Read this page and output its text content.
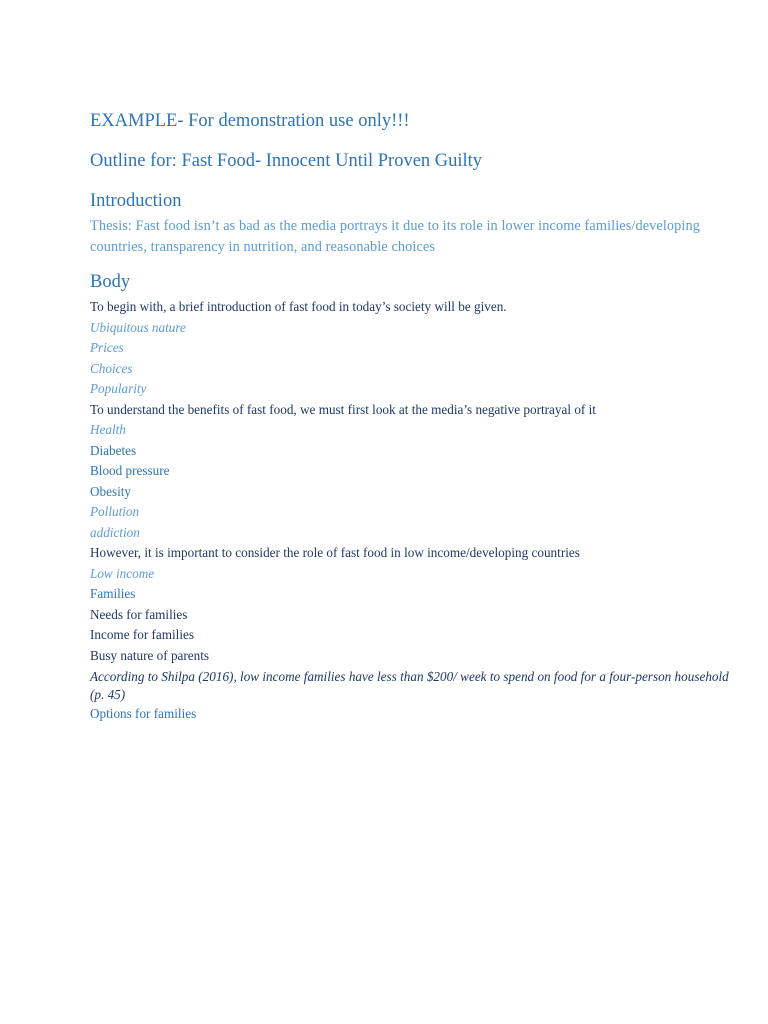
EXAMPLE- For demonstration use only!!!

Outline for: Fast Food- Innocent Until Proven Guilty

Introduction

Thesis: Fast food isn’t as bad as the media portrays it due to its role in lower income families/developing countries, transparency in nutrition, and reasonable choices

Body

To begin with, a brief introduction of fast food in today’s society will be given.

Ubiquitous nature

Prices

Choices

Popularity

To understand the benefits of fast food, we must first look at the media’s negative portrayal of it

Health

Diabetes

Blood pressure

Obesity

Pollution

addiction

However, it is important to consider the role of fast food in low income/developing countries

Low income

Families

Needs for families

Income for families

Busy nature of parents

According to Shilpa (2016), low income families have less than $200/ week to spend on food for a four-person household (p. 45)

Options for families
